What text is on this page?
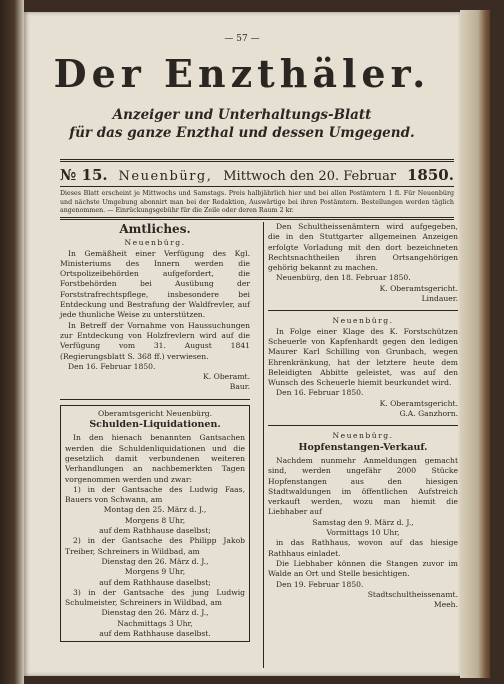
— 57 —
Der Enzthäler.
Anzeiger und Unterhaltungs-Blatt
für das ganze Enzthal und dessen Umgegend.
№ 15. Neuenbürg, Mittwoch den 20. Februar 1850.
Dieses Blatt erscheint je Mittwochs und Samstags. Preis halbjährlich hier und bei allen Postämtern 1 fl. Für Neuenbürg und nächste Umgebung abonnirt man bei der Redaktion, Auswärtige bei ihren Postämtern. Bestellungen werden täglich angenommen. — Einrückungsgebühr für die Zeile oder deren Raum 2 kr.
Amtliches.

Neuenbürg.

In Gemäßheit einer Verfügung des Kgl. Ministeriums des Innern werden die Ortspolizeibehörden aufgefordert, die Forstbehörden bei Ausübung der Forststrafrechtspflege, insbesondere bei Entdeckung und Bestrafung der Waldfrevler, auf jede thunliche Weise zu unterstützen.

In Betreff der Vornahme von Haussuchungen zur Entdeckung von Holzfrevlern wird auf die Verfügung vom 31. August 1841 (Regierungsblatt S. 368 ff.) verwiesen.

Den 16. Februar 1850.

K. Oberamt.

Baur.

Oberamtsgericht Neuenbürg.

Schulden-Liquidationen.

In den hienach benannten Gantsachen werden die Schuldenliquidationen und die gesetzlich damit verbundenen weiteren Verhandlungen an nachbemerkten Tagen vorgenommen werden und zwar:

1) in der Gantsache des Ludwig Faas, Bauers von Schwann, am

Montag den 25. März d. J.,

Morgens 8 Uhr,

auf dem Rathhause daselbst;

2) in der Gantsache des Philipp Jakob Treiber, Schreiners in Wildbad, am

Dienstag den 26. März d. J.,

Morgens 9 Uhr,

auf dem Rathhause daselbst;

3) in der Gantsache des jung Ludwig Schulmeister, Schreiners in Wildbad, am

Dienstag den 26. März d. J.,

Nachmittags 3 Uhr,

auf dem Rathhause daselbst.

Den Schultheissenämtern wird aufgegeben, die in den Stuttgarter allgemeinen Anzeigen erfolgte Vorladung mit den dort bezeichneten Rechtsnachtheilen ihren Ortsangehörigen gehörig bekannt zu machen.

Neuenbürg, den 18. Februar 1850.

K. Oberamtsgericht.

Lindauer.

Neuenbürg.

In Folge einer Klage des K. Forstschützen Scheuerle von Kapfenhardt gegen den ledigen Maurer Karl Schilling von Grunbach, wegen Ehrenkränkung, hat der letztere heute dem Beleidigten Abbitte geleistet, was auf den Wunsch des Scheuerle hiemit beurkundet wird.

Den 16. Februar 1850.

K. Oberamtsgericht.

G.A. Ganzhorn.

Neuenbürg.

Hopfenstangen-Verkauf.

Nachdem nunmehr Anmeldungen gemacht sind, werden ungefähr 2000 Stücke Hopfenstangen aus den hiesigen Stadtwaldungen im öffentlichen Aufstreich verkauft werden, wozu man hiemit die Liebhaber auf

Samstag den 9. März d. J.,

Vormittags 10 Uhr,

in das Rathhaus, wovon auf das hiesige Rathhaus einladet.

Die Liebhaber können die Stangen zuvor im Walde an Ort und Stelle besichtigen.

Den 19. Februar 1850.

Stadtschultheissenamt.

Meeh.
